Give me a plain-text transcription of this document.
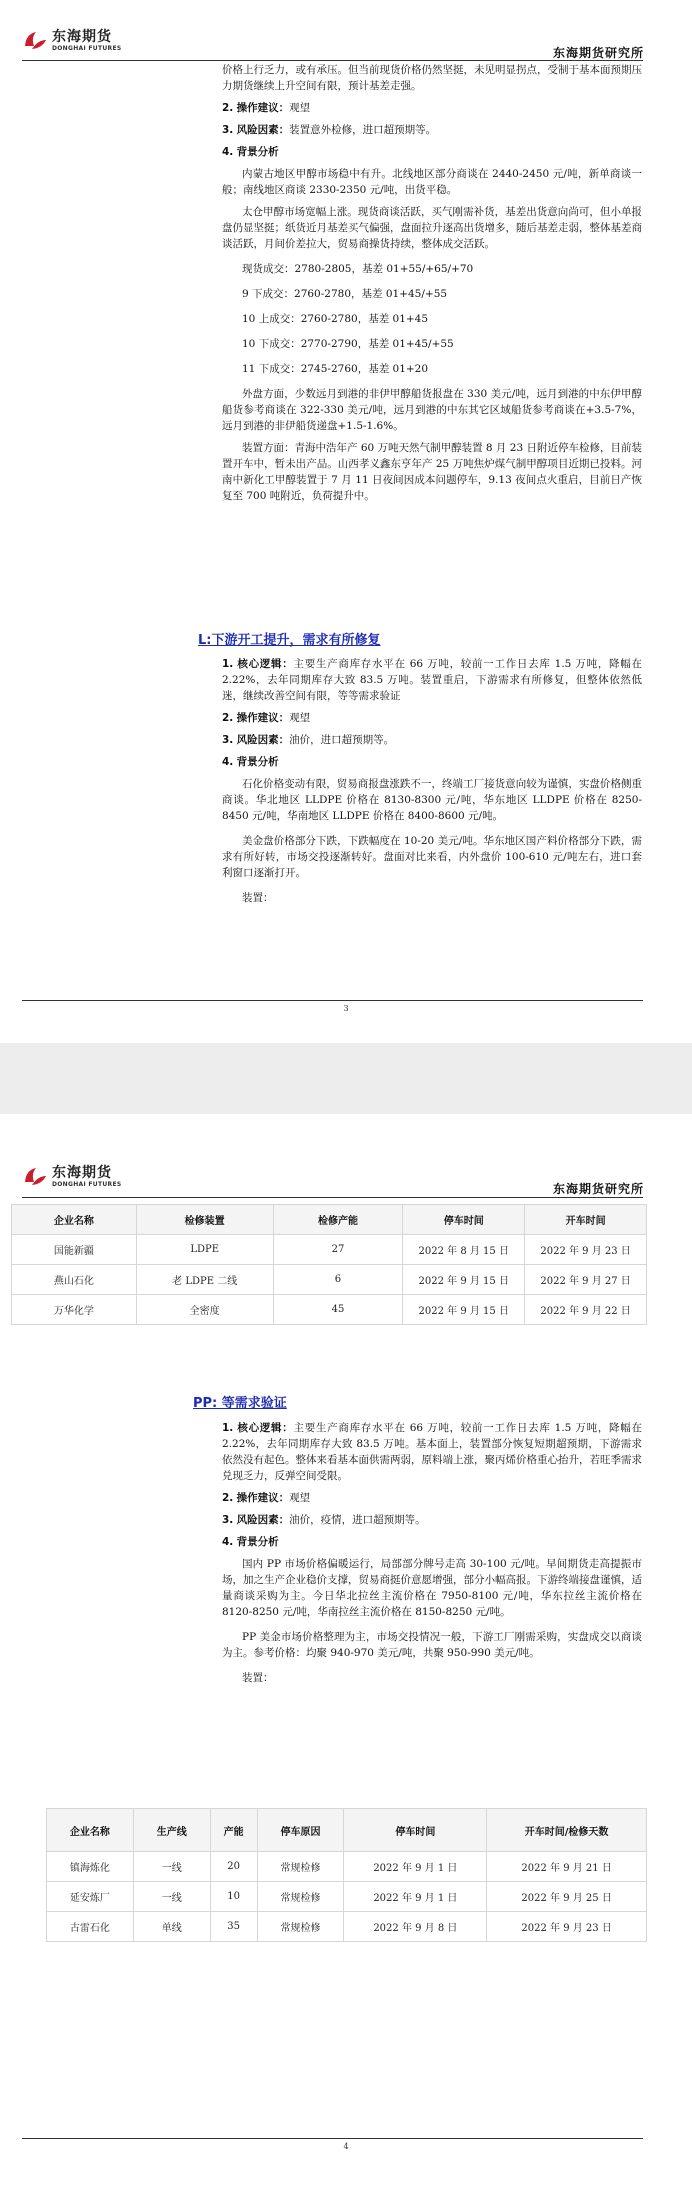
东海期货
DONGHAI FUTURES	东海期货研究所

价格上行乏力，或有承压。但当前现货价格仍然坚挺，未见明显拐点，受制于基本面预期压力期货继续上升空间有限，预计基差走强。

2. 操作建议：观望

3. 风险因素：装置意外检修，进口超预期等。

4. 背景分析

内蒙古地区甲醇市场稳中有升。北线地区部分商谈在 2440-2450 元/吨，新单商谈一般；南线地区商谈 2330-2350 元/吨，出货平稳。

太仓甲醇市场宽幅上涨。现货商谈活跃，买气刚需补货，基差出货意向尚可，但小单报盘仍显坚挺；纸货近月基差买气偏强，盘面拉升逐高出货增多，随后基差走弱，整体基差商谈活跃，月间价差拉大，贸易商操货持续，整体成交活跃。

现货成交：2780-2805，基差 01+55/+65/+70

9 下成交：2760-2780，基差 01+45/+55

10 上成交：2760-2780，基差 01+45

10 下成交：2770-2790，基差 01+45/+55

11 下成交：2745-2760，基差 01+20

外盘方面，少数远月到港的非伊甲醇船货报盘在 330 美元/吨，远月到港的中东伊甲醇船货参考商谈在 322-330 美元/吨，远月到港的中东其它区域船货参考商谈在+3.5-7%，远月到港的非伊船货递盘+1.5-1.6%。

装置方面：青海中浩年产 60 万吨天然气制甲醇装置 8 月 23 日附近停车检修，目前装置开车中，暂未出产品。山西孝义鑫东亨年产 25 万吨焦炉煤气制甲醇项目近期已投料。河南中新化工甲醇装置于 7 月 11 日夜间因成本问题停车，9.13 夜间点火重启，目前日产恢复至 700 吨附近，负荷提升中。

L:下游开工提升，需求有所修复

1. 核心逻辑：主要生产商库存水平在 66 万吨，较前一工作日去库 1.5 万吨，降幅在 2.22%，去年同期库存大致 83.5 万吨。装置重启，下游需求有所修复，但整体依然低迷，继续改善空间有限，等等需求验证

2. 操作建议：观望

3. 风险因素：油价，进口超预期等。

4. 背景分析

石化价格变动有限，贸易商报盘涨跌不一，终端工厂接货意向较为谨慎，实盘价格侧重商谈。华北地区 LLDPE 价格在 8130-8300 元/吨，华东地区 LLDPE 价格在 8250-8450 元/吨，华南地区 LLDPE 价格在 8400-8600 元/吨。

美金盘价格部分下跌，下跌幅度在 10-20 美元/吨。华东地区国产料价格部分下跌，需求有所好转，市场交投逐渐转好。盘面对比来看，内外盘价 100-610 元/吨左右，进口套利窗口逐渐打开。

装置：

3
东海期货
DONGHAI FUTURES	东海期货研究所
企业名称	检修装置	检修产能	停车时间	开车时间
国能新疆	LDPE	27	2022 年 8 月 15 日	2022 年 9 月 23 日
燕山石化	老 LDPE 二线	6	2022 年 9 月 15 日	2022 年 9 月 27 日
万华化学	全密度	45	2022 年 9 月 15 日	2022 年 9 月 22 日
PP: 等需求验证

1. 核心逻辑：主要生产商库存水平在 66 万吨，较前一工作日去库 1.5 万吨，降幅在 2.22%，去年同期库存大致 83.5 万吨。基本面上，装置部分恢复短期超预期，下游需求依然没有起色。整体来看基本面供需两弱，原料端上涨，聚丙烯价格重心抬升，若旺季需求兑现乏力，反弹空间受限。

2. 操作建议：观望

3. 风险因素：油价，疫情，进口超预期等。

4. 背景分析

国内 PP 市场价格偏暖运行，局部部分牌号走高 30-100 元/吨。早间期货走高提振市场，加之生产企业稳价支撑，贸易商挺价意愿增强，部分小幅高报。下游终端接盘谨慎，适量商谈采购为主。今日华北拉丝主流价格在 7950-8100 元/吨，华东拉丝主流价格在 8120-8250 元/吨，华南拉丝主流价格在 8150-8250 元/吨。

PP 美金市场价格整理为主，市场交投情况一般，下游工厂刚需采购，实盘成交以商谈为主。参考价格：均聚 940-970 美元/吨，共聚 950-990 美元/吨。

装置：

企业名称	生产线	产能	停车原因	停车时间	开车时间/检修天数
镇海炼化	一线	20	常规检修	2022 年 9 月 1 日	2022 年 9 月 21 日
延安炼厂	一线	10	常规检修	2022 年 9 月 1 日	2022 年 9 月 25 日
古雷石化	单线	35	常规检修	2022 年 9 月 8 日	2022 年 9 月 23 日
4
